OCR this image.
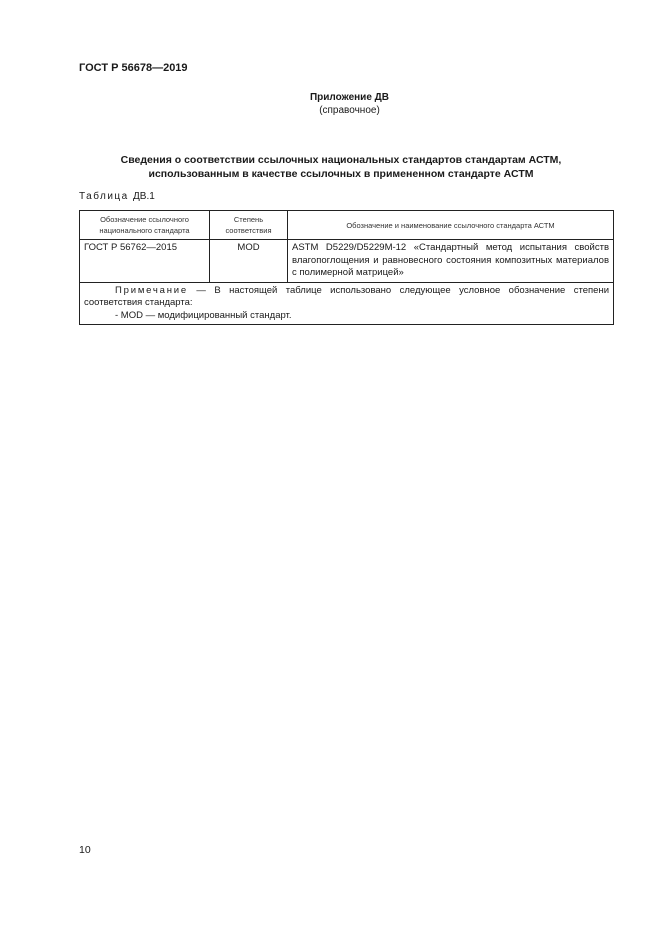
ГОСТ Р 56678—2019
Приложение ДВ
(справочное)
Сведения о соответствии ссылочных национальных стандартов стандартам АСТМ,
использованным в качестве ссылочных в примененном стандарте АСТМ
Таблица ДВ.1
Обозначение ссылочного национального стандарта	Степень соответствия	Обозначение и наименование ссылочного стандарта АСТМ
ГОСТ Р 56762—2015	MOD	ASTM D5229/D5229M-12 «Стандартный метод испытания свойств влагопоглощения и равновесного состояния композитных материалов с полимерной матрицей»

Примечание — В настоящей таблице использовано следующее условное обозначение степени соответствия стандарта:

- MOD — модифицированный стандарт.		
10
